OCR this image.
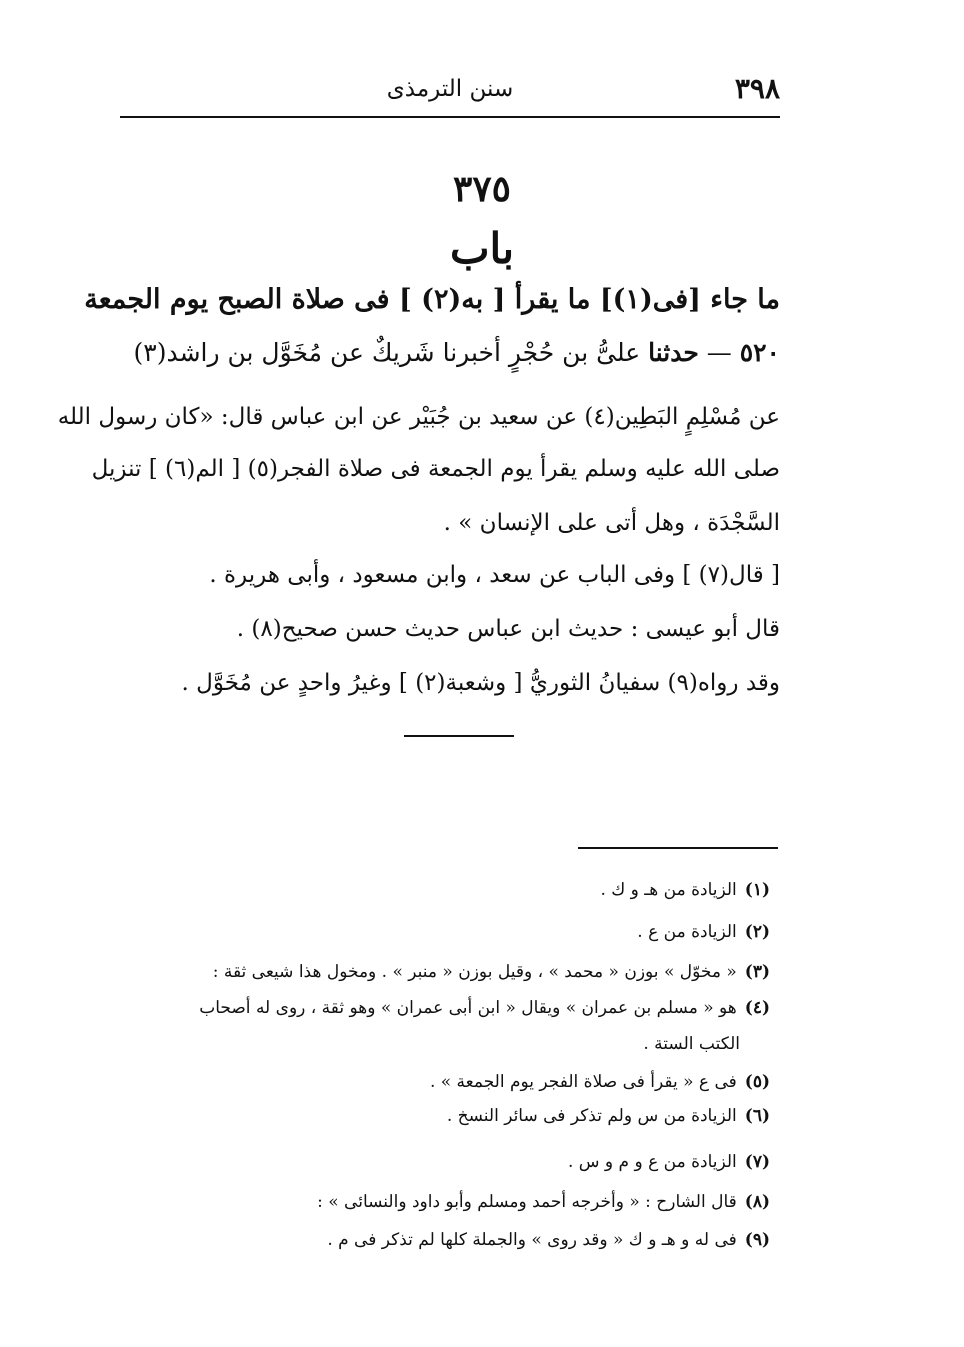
٣٩٨
سنن الترمذى
٣٧٥
باب
ما جاء [فى(١)] ما يقرأ [ به(٢) ] فى صلاة الصبح يوم الجمعة
٥٢٠ — حدثنا علىُّ بن حُجْرٍ أخبرنا شَريكٌ عن مُخَوَّل بن راشد(٣)
عن مُسْلِمٍ البَطِين(٤) عن سعيد بن جُبَيْر عن ابن عباس قال: «كان رسول الله
صلى الله عليه وسلم يقرأ يوم الجمعة فى صلاة الفجر(٥) [ الم(٦) ] تنزيل
السَّجْدَة ، وهل أتى على الإنسان » .
[ قال(٧) ] وفى الباب عن سعد ، وابن مسعود ، وأبى هريرة .
قال أبو عيسى : حديث ابن عباس حديث حسن صحيح(٨) .
وقد رواه(٩) سفيانُ الثوريُّ [ وشعبة(٢) ] وغيرُ واحدٍ عن مُخَوَّل .
(١)الزيادة من هـ و ك .
(٢)الزيادة من ع .
(٣)« مخوّل » بوزن « محمد » ، وقيل بوزن « منبر » . ومخول هذا شيعى ثقة :
(٤)هو « مسلم بن عمران » ويقال « ابن أبى عمران » وهو ثقة ، روى له أصحاب
الكتب الستة .
(٥)فى ع « يقرأ فى صلاة الفجر يوم الجمعة » .
(٦)الزيادة من س ولم تذكر فى سائر النسخ .
(٧)الزيادة من ع و م و س .
(٨)قال الشارح : « وأخرجه أحمد ومسلم وأبو داود والنسائى » :
(٩)فى له و هـ و ك « وقد روى » والجملة كلها لم تذكر فى م .
